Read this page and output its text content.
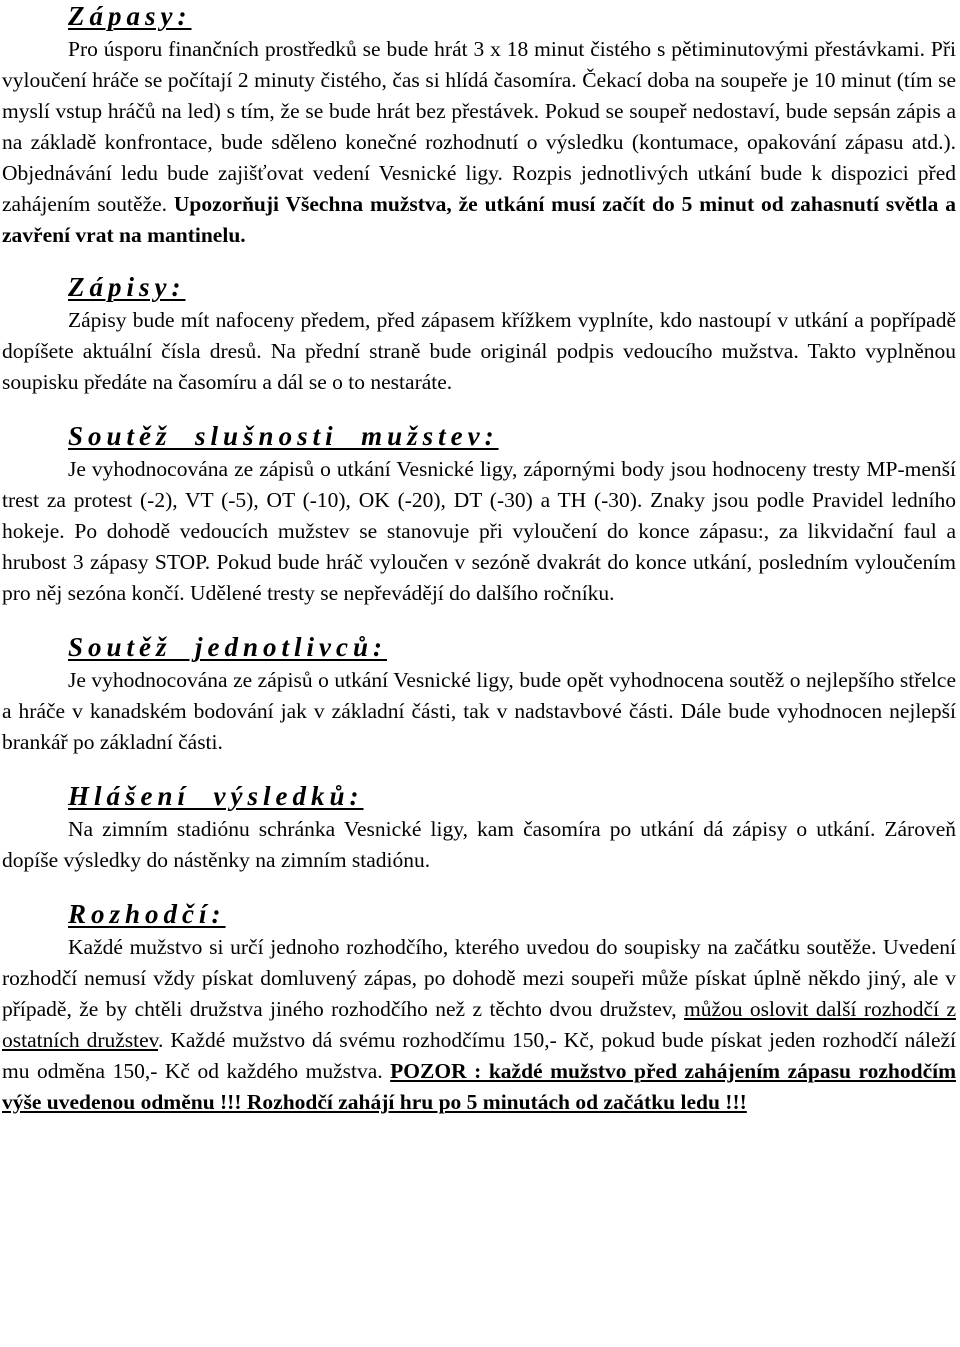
Zápasy:

Pro úsporu finančních prostředků se bude hrát 3 x 18 minut čistého s pětiminutovými přestávkami. Při vyloučení hráče se počítají 2 minuty čistého, čas si hlídá časomíra. Čekací doba na soupeře je 10 minut (tím se myslí vstup hráčů na led) s tím, že se bude hrát bez přestávek. Pokud se soupeř nedostaví, bude sepsán zápis a na základě konfrontace, bude sděleno konečné rozhodnutí o výsledku (kontumace, opakování zápasu atd.). Objednávání ledu bude zajišťovat vedení Vesnické ligy. Rozpis jednotlivých utkání bude k dispozici před zahájením soutěže. Upozorňuji Všechna mužstva, že utkání musí začít do 5 minut od zahasnutí světla a zavření vrat na mantinelu.

Zápisy:

Zápisy bude mít nafoceny předem, před zápasem křížkem vyplníte, kdo nastoupí v utkání a popřípadě dopíšete aktuální čísla dresů. Na přední straně bude originál podpis vedoucího mužstva. Takto vyplněnou soupisku předáte na časomíru a dál se o to nestaráte.

Soutěž  slušnosti  mužstev:

Je vyhodnocována ze zápisů o utkání Vesnické ligy, zápornými body jsou hodnoceny tresty MP-menší trest za protest (-2), VT (-5), OT (-10), OK (-20), DT (-30) a TH (-30). Znaky jsou podle Pravidel ledního hokeje. Po dohodě vedoucích mužstev se stanovuje při vyloučení do konce zápasu:, za likvidační faul a hrubost 3 zápasy STOP. Pokud bude hráč vyloučen v sezóně dvakrát do konce utkání, posledním vyloučením pro něj sezóna končí. Udělené tresty se nepřevádějí do dalšího ročníku.

Soutěž  jednotlivců:

Je vyhodnocována ze zápisů o utkání Vesnické ligy, bude opět vyhodnocena soutěž o nejlepšího střelce a hráče v kanadském bodování jak v základní části, tak v nadstavbové části. Dále bude vyhodnocen nejlepší brankář po základní části.

Hlášení  výsledků:

Na zimním stadiónu schránka Vesnické ligy, kam časomíra po utkání dá zápisy o utkání. Zároveň dopíše výsledky do nástěnky na zimním stadiónu.

Rozhodčí:

Každé mužstvo si určí jednoho rozhodčího, kterého uvedou do soupisky na začátku soutěže. Uvedení rozhodčí nemusí vždy pískat domluvený zápas, po dohodě mezi soupeři může pískat úplně někdo jiný, ale v případě, že by chtěli družstva jiného rozhodčího než z těchto dvou družstev, můžou oslovit další rozhodčí z ostatních družstev. Každé mužstvo dá svému rozhodčímu 150,- Kč, pokud bude pískat jeden rozhodčí náleží mu odměna 150,- Kč od každého mužstva. POZOR : každé mužstvo před zahájením zápasu rozhodčím výše uvedenou odměnu !!! Rozhodčí zahájí hru po 5 minutách od začátku ledu !!!
